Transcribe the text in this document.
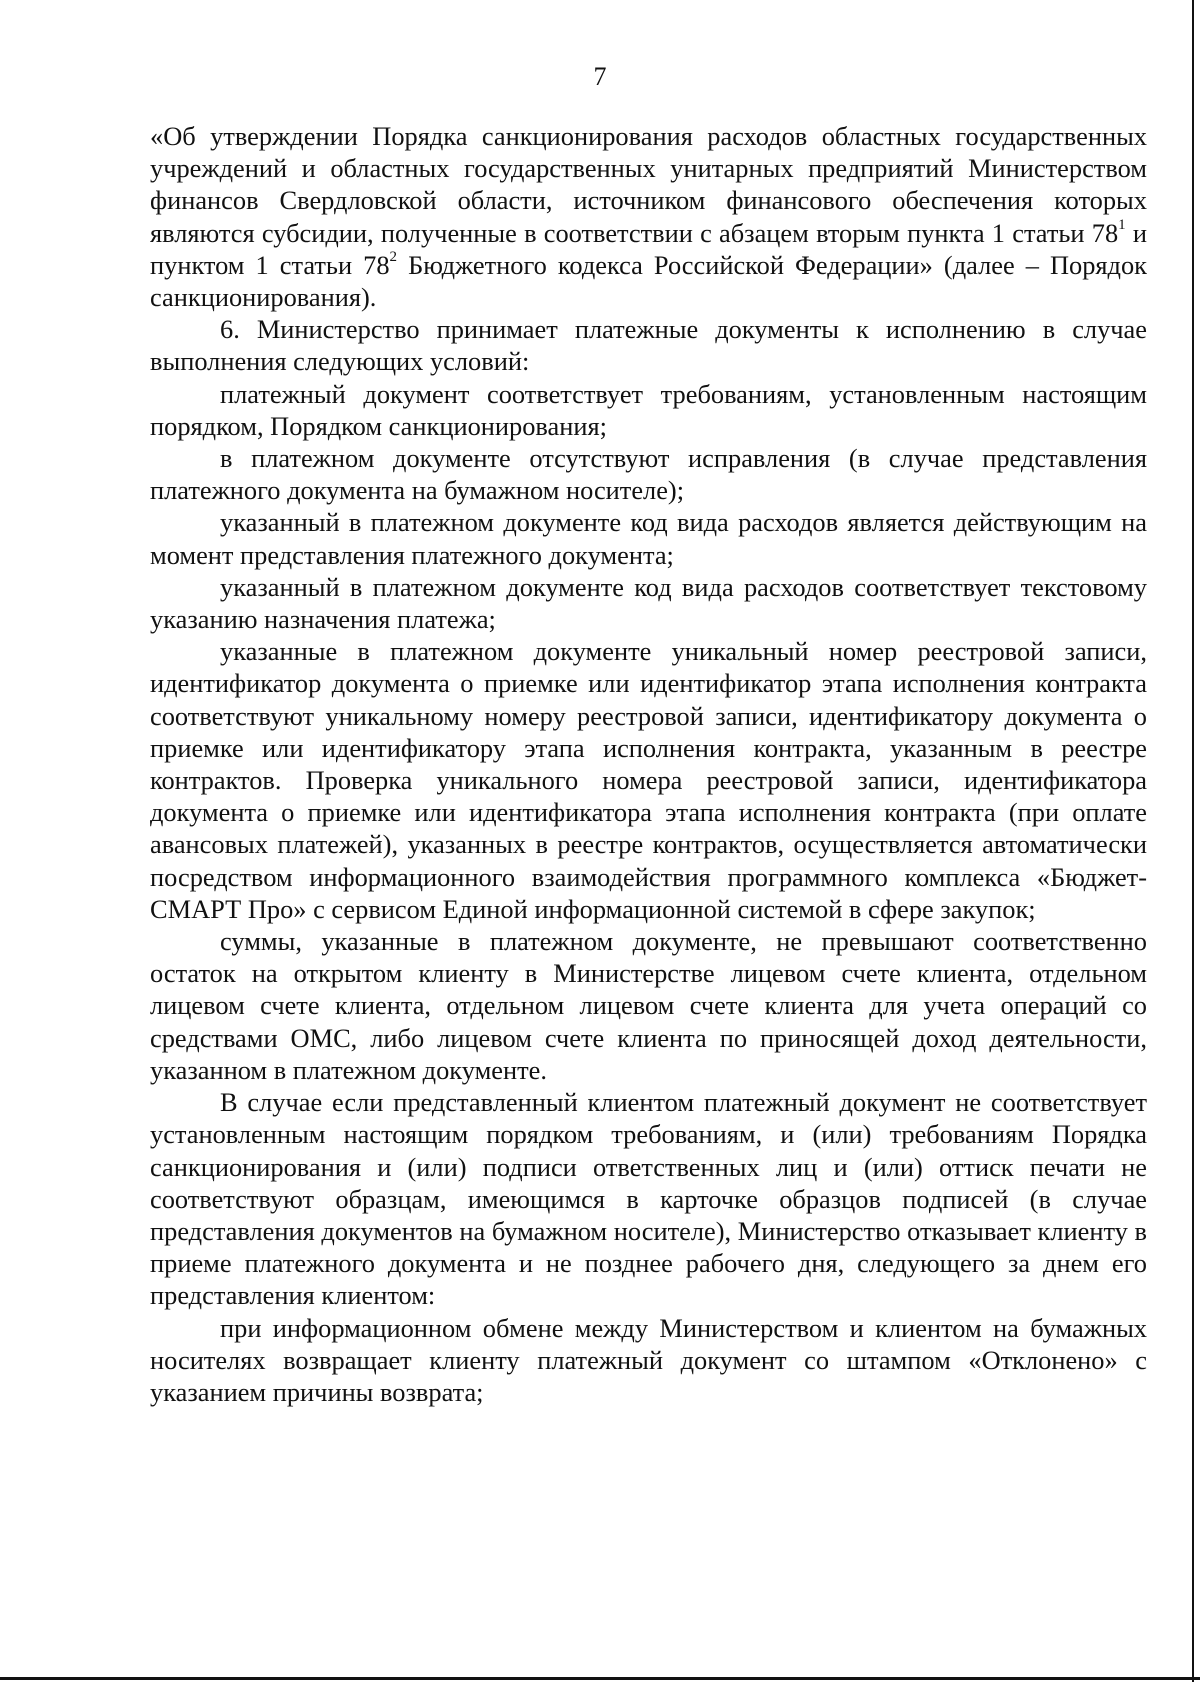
7

«Об утверждении Порядка санкционирования расходов областных государственных учреждений и областных государственных унитарных предприятий Министерством финансов Свердловской области, источником финансового обеспечения которых являются субсидии, полученные в соответствии с абзацем вторым пункта 1 статьи $78^1$ и пунктом 1 статьи $78^2$ Бюджетного кодекса Российской Федерации» (далее – Порядок санкционирования).

6. Министерство принимает платежные документы к исполнению в случае выполнения следующих условий:

платежный документ соответствует требованиям, установленным настоящим порядком, Порядком санкционирования;

в платежном документе отсутствуют исправления (в случае представления платежного документа на бумажном носителе);

указанный в платежном документе код вида расходов является действующим на момент представления платежного документа;

указанный в платежном документе код вида расходов соответствует текстовому указанию назначения платежа;

указанные в платежном документе уникальный номер реестровой записи, идентификатор документа о приемке или идентификатор этапа исполнения контракта соответствуют уникальному номеру реестровой записи, идентификатору документа о приемке или идентификатору этапа исполнения контракта, указанным в реестре контрактов. Проверка уникального номера реестровой записи, идентификатора документа о приемке или идентификатора этапа исполнения контракта (при оплате авансовых платежей), указанных в реестре контрактов, осуществляется автоматически посредством информационного взаимодействия программного комплекса «Бюджет-СМАРТ Про» с сервисом Единой информационной системой в сфере закупок;

суммы, указанные в платежном документе, не превышают соответственно остаток на открытом клиенту в Министерстве лицевом счете клиента, отдельном лицевом счете клиента, отдельном лицевом счете клиента для учета операций со средствами ОМС, либо лицевом счете клиента по приносящей доход деятельности, указанном в платежном документе.

В случае если представленный клиентом платежный документ не соответствует установленным настоящим порядком требованиям, и (или) требованиям Порядка санкционирования и (или) подписи ответственных лиц и (или) оттиск печати не соответствуют образцам, имеющимся в карточке образцов подписей (в случае представления документов на бумажном носителе), Министерство отказывает клиенту в приеме платежного документа и не позднее рабочего дня, следующего за днем его представления клиентом:

при информационном обмене между Министерством и клиентом на бумажных носителях возвращает клиенту платежный документ со штампом «Отклонено» с указанием причины возврата;
